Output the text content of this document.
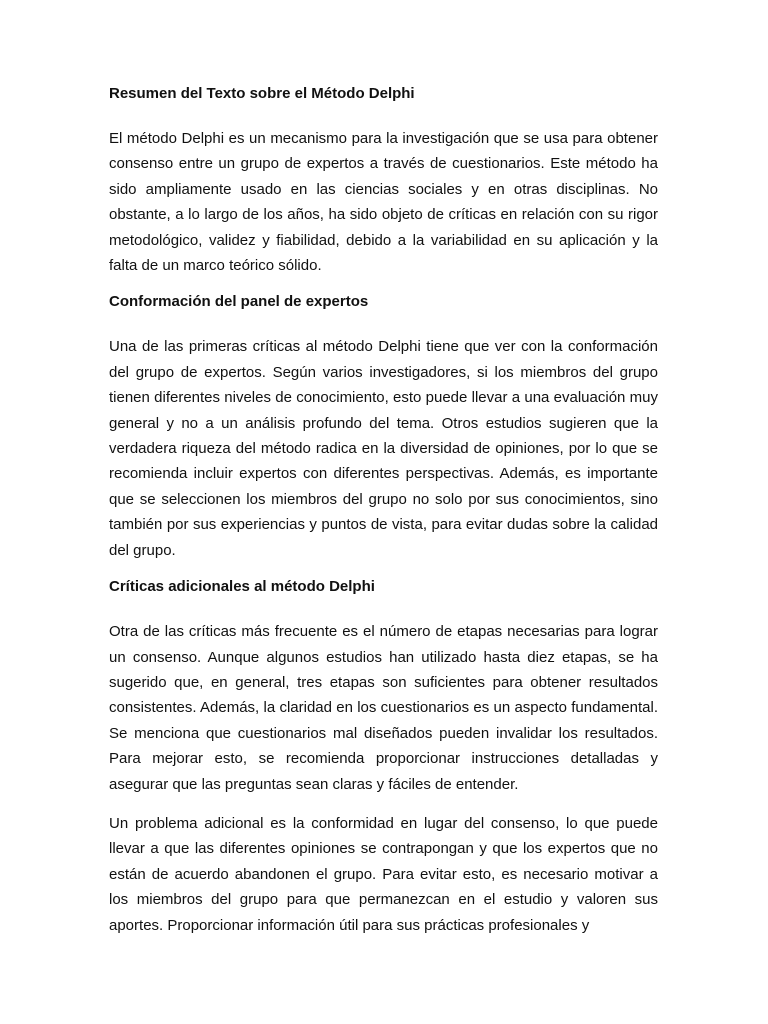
Resumen del Texto sobre el Método Delphi

El método Delphi es un mecanismo para la investigación que se usa para obtener consenso entre un grupo de expertos a través de cuestionarios. Este método ha sido ampliamente usado en las ciencias sociales y en otras disciplinas. No obstante, a lo largo de los años, ha sido objeto de críticas en relación con su rigor metodológico, validez y fiabilidad, debido a la variabilidad en su aplicación y la falta de un marco teórico sólido.

Conformación del panel de expertos

Una de las primeras críticas al método Delphi tiene que ver con la conformación del grupo de expertos. Según varios investigadores, si los miembros del grupo tienen diferentes niveles de conocimiento, esto puede llevar a una evaluación muy general y no a un análisis profundo del tema. Otros estudios sugieren que la verdadera riqueza del método radica en la diversidad de opiniones, por lo que se recomienda incluir expertos con diferentes perspectivas. Además, es importante que se seleccionen los miembros del grupo no solo por sus conocimientos, sino también por sus experiencias y puntos de vista, para evitar dudas sobre la calidad del grupo.

Críticas adicionales al método Delphi

Otra de las críticas más frecuente es el número de etapas necesarias para lograr un consenso. Aunque algunos estudios han utilizado hasta diez etapas, se ha sugerido que, en general, tres etapas son suficientes para obtener resultados consistentes. Además, la claridad en los cuestionarios es un aspecto fundamental. Se menciona que cuestionarios mal diseñados pueden invalidar los resultados. Para mejorar esto, se recomienda proporcionar instrucciones detalladas y asegurar que las preguntas sean claras y fáciles de entender.

Un problema adicional es la conformidad en lugar del consenso, lo que puede llevar a que las diferentes opiniones se contrapongan y que los expertos que no están de acuerdo abandonen el grupo. Para evitar esto, es necesario motivar a los miembros del grupo para que permanezcan en el estudio y valoren sus aportes. Proporcionar información útil para sus prácticas profesionales y
